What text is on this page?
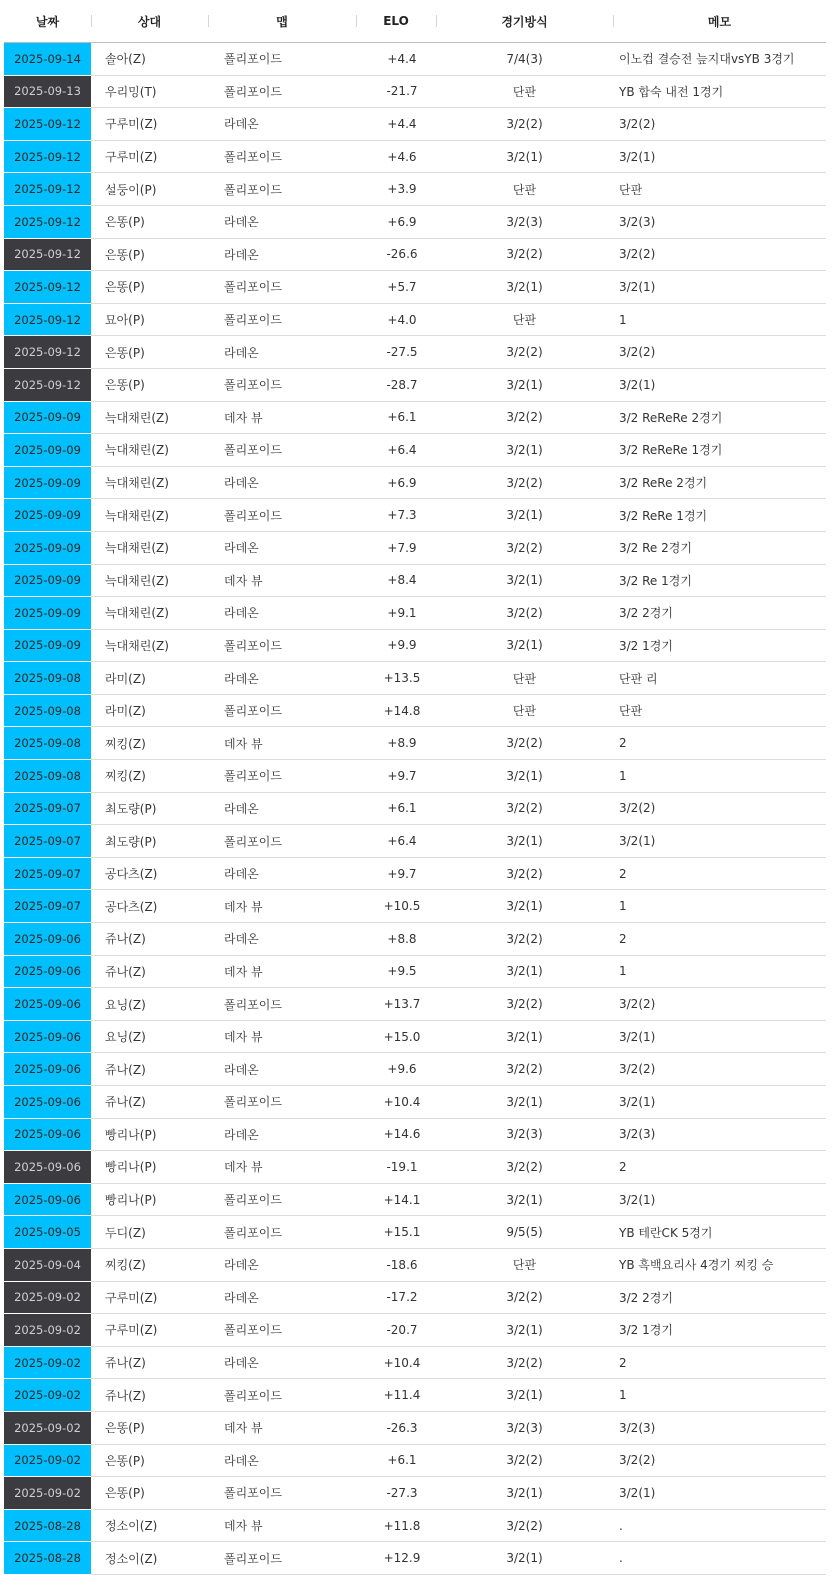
날짜	상대	맵	ELO	경기방식	메모
2025-09-14	솔아(Z)	폴리포이드	+4.4	7/4(3)	이노컵 결승전 늪지대vsYB 3경기
2025-09-13	우리밍(T)	폴리포이드	-21.7	단판	YB 합숙 내전 1경기
2025-09-12	구루미(Z)	라데온	+4.4	3/2(2)	3/2(2)
2025-09-12	구루미(Z)	폴리포이드	+4.6	3/2(1)	3/2(1)
2025-09-12	설둥이(P)	폴리포이드	+3.9	단판	단판
2025-09-12	은똥(P)	라데온	+6.9	3/2(3)	3/2(3)
2025-09-12	은똥(P)	라데온	-26.6	3/2(2)	3/2(2)
2025-09-12	은똥(P)	폴리포이드	+5.7	3/2(1)	3/2(1)
2025-09-12	묘아(P)	폴리포이드	+4.0	단판	1
2025-09-12	은똥(P)	라데온	-27.5	3/2(2)	3/2(2)
2025-09-12	은똥(P)	폴리포이드	-28.7	3/2(1)	3/2(1)
2025-09-09	늑대채린(Z)	데자 뷰	+6.1	3/2(2)	3/2 ReReRe 2경기
2025-09-09	늑대채린(Z)	폴리포이드	+6.4	3/2(1)	3/2 ReReRe 1경기
2025-09-09	늑대채린(Z)	라데온	+6.9	3/2(2)	3/2 ReRe 2경기
2025-09-09	늑대채린(Z)	폴리포이드	+7.3	3/2(1)	3/2 ReRe 1경기
2025-09-09	늑대채린(Z)	라데온	+7.9	3/2(2)	3/2 Re 2경기
2025-09-09	늑대채린(Z)	데자 뷰	+8.4	3/2(1)	3/2 Re 1경기
2025-09-09	늑대채린(Z)	라데온	+9.1	3/2(2)	3/2 2경기
2025-09-09	늑대채린(Z)	폴리포이드	+9.9	3/2(1)	3/2 1경기
2025-09-08	라미(Z)	라데온	+13.5	단판	단판 리
2025-09-08	라미(Z)	폴리포이드	+14.8	단판	단판
2025-09-08	찌킹(Z)	데자 뷰	+8.9	3/2(2)	2
2025-09-08	찌킹(Z)	폴리포이드	+9.7	3/2(1)	1
2025-09-07	최도량(P)	라데온	+6.1	3/2(2)	3/2(2)
2025-09-07	최도량(P)	폴리포이드	+6.4	3/2(1)	3/2(1)
2025-09-07	공다츠(Z)	라데온	+9.7	3/2(2)	2
2025-09-07	공다츠(Z)	데자 뷰	+10.5	3/2(1)	1
2025-09-06	쥬나(Z)	라데온	+8.8	3/2(2)	2
2025-09-06	쥬나(Z)	데자 뷰	+9.5	3/2(1)	1
2025-09-06	요닝(Z)	폴리포이드	+13.7	3/2(2)	3/2(2)
2025-09-06	요닝(Z)	데자 뷰	+15.0	3/2(1)	3/2(1)
2025-09-06	쥬나(Z)	라데온	+9.6	3/2(2)	3/2(2)
2025-09-06	쥬나(Z)	폴리포이드	+10.4	3/2(1)	3/2(1)
2025-09-06	빵리나(P)	라데온	+14.6	3/2(3)	3/2(3)
2025-09-06	빵리나(P)	데자 뷰	-19.1	3/2(2)	2
2025-09-06	빵리나(P)	폴리포이드	+14.1	3/2(1)	3/2(1)
2025-09-05	두디(Z)	폴리포이드	+15.1	9/5(5)	YB 테란CK 5경기
2025-09-04	찌킹(Z)	라데온	-18.6	단판	YB 흑백요리사 4경기 찌킹 승
2025-09-02	구루미(Z)	라데온	-17.2	3/2(2)	3/2 2경기
2025-09-02	구루미(Z)	폴리포이드	-20.7	3/2(1)	3/2 1경기
2025-09-02	쥬나(Z)	라데온	+10.4	3/2(2)	2
2025-09-02	쥬나(Z)	폴리포이드	+11.4	3/2(1)	1
2025-09-02	은똥(P)	데자 뷰	-26.3	3/2(3)	3/2(3)
2025-09-02	은똥(P)	라데온	+6.1	3/2(2)	3/2(2)
2025-09-02	은똥(P)	폴리포이드	-27.3	3/2(1)	3/2(1)
2025-08-28	정소이(Z)	데자 뷰	+11.8	3/2(2)	.
2025-08-28	정소이(Z)	폴리포이드	+12.9	3/2(1)	.
